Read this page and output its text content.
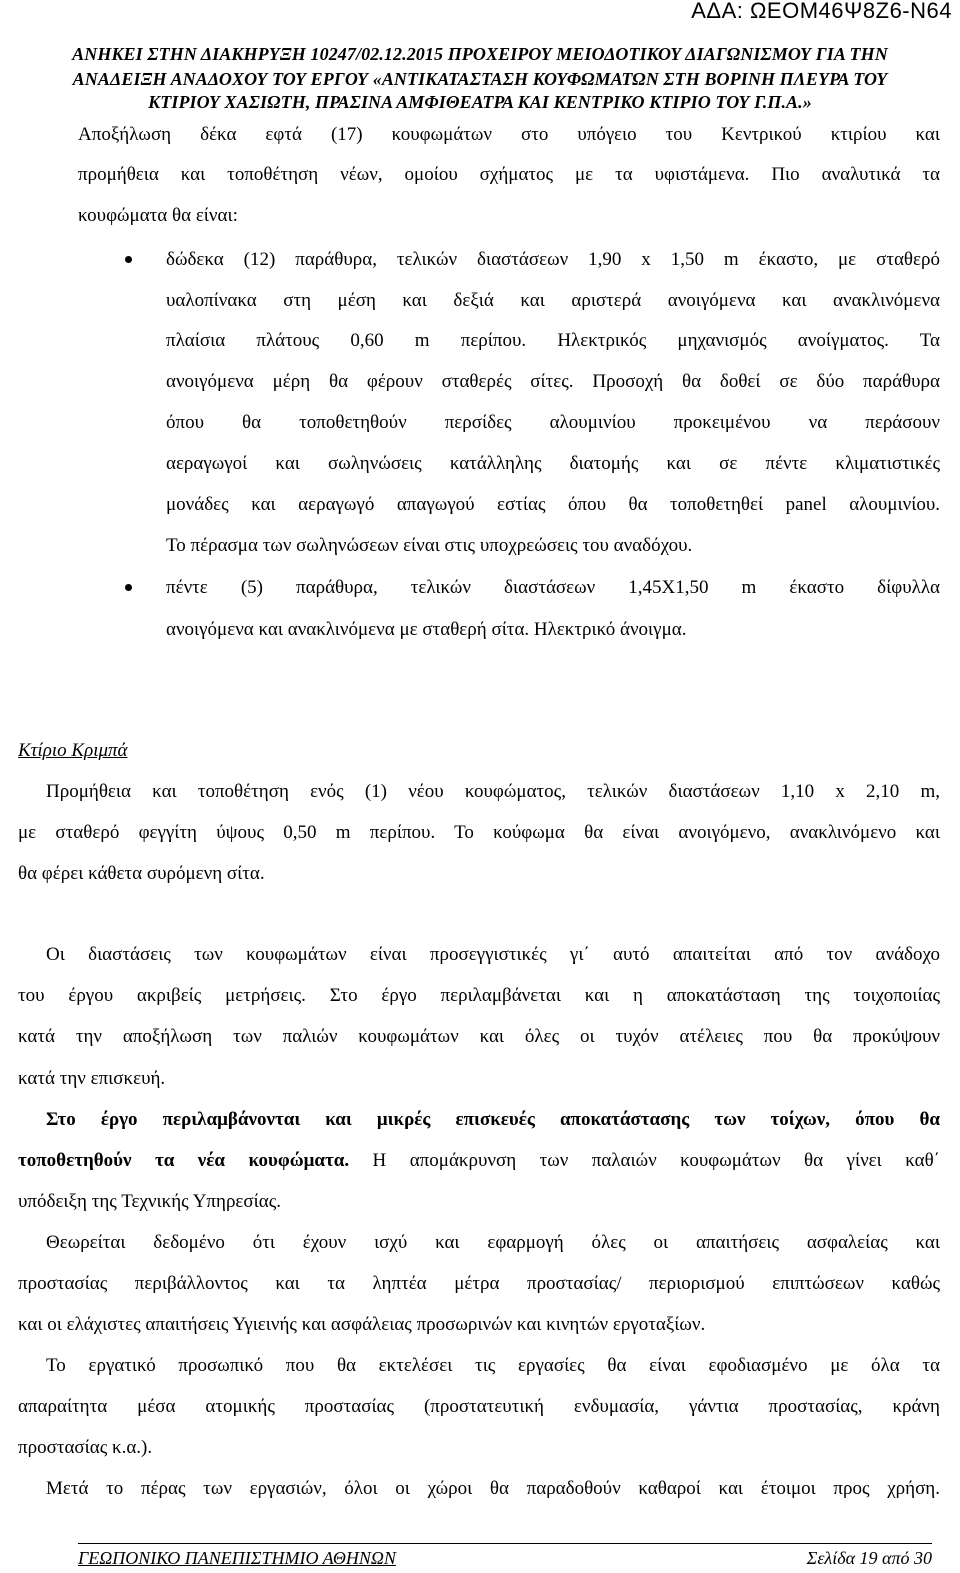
ΑΔΑ: ΩΕΟΜ46Ψ8Ζ6-Ν64
ΑΝΗΚΕΙ ΣΤΗΝ ΔΙΑΚΗΡΥΞΗ 10247/02.12.2015 ΠΡΟΧΕΙΡΟΥ ΜΕΙΟΔΟΤΙΚΟΥ ΔΙΑΓΩΝΙΣΜΟΥ ΓΙΑ ΤΗΝ
ΑΝΑΔΕΙΞΗ ΑΝΑΔΟΧΟΥ ΤΟΥ ΕΡΓΟΥ «ΑΝΤΙΚΑΤΑΣΤΑΣΗ ΚΟΥΦΩΜΑΤΩΝ ΣΤΗ ΒΟΡΙΝΗ ΠΛΕΥΡΑ ΤΟΥ
ΚΤΙΡΙΟΥ ΧΑΣΙΩΤΗ, ΠΡΑΣΙΝΑ ΑΜΦΙΘΕΑΤΡΑ ΚΑΙ ΚΕΝΤΡΙΚΟ ΚΤΙΡΙΟ ΤΟΥ Γ.Π.Α.»
Αποξήλωση δέκα εφτά (17) κουφωμάτων στο υπόγειο του Κεντρικού κτιρίου και
προμήθεια και τοποθέτηση νέων, ομοίου σχήματος με τα υφιστάμενα. Πιο αναλυτικά τα
κουφώματα θα είναι:
δώδεκα (12) παράθυρα, τελικών διαστάσεων 1,90 x 1,50 m έκαστο, με σταθερό
υαλοπίνακα στη μέση και δεξιά και αριστερά ανοιγόμενα και ανακλινόμενα
πλαίσια πλάτους 0,60 m περίπου. Ηλεκτρικός μηχανισμός ανοίγματος. Τα
ανοιγόμενα μέρη θα φέρουν σταθερές σίτες. Προσοχή θα δοθεί σε δύο παράθυρα
όπου θα τοποθετηθούν περσίδες αλουμινίου προκειμένου να περάσουν
αεραγωγοί και σωληνώσεις κατάλληλης διατομής και σε πέντε κλιματιστικές
μονάδες και αεραγωγό απαγωγού εστίας όπου θα τοποθετηθεί panel αλουμινίου.
Το πέρασμα των σωληνώσεων είναι στις υποχρεώσεις του αναδόχου.
πέντε (5) παράθυρα, τελικών διαστάσεων 1,45Χ1,50 m έκαστο δίφυλλα
ανοιγόμενα και ανακλινόμενα με σταθερή σίτα. Ηλεκτρικό άνοιγμα.
Κτίριο Κριμπά
Προμήθεια και τοποθέτηση ενός (1) νέου κουφώματος, τελικών διαστάσεων 1,10 x 2,10 m,
με σταθερό φεγγίτη ύψους 0,50 m περίπου. Το κούφωμα θα είναι ανοιγόμενο, ανακλινόμενο και
θα φέρει κάθετα συρόμενη σίτα.
Οι διαστάσεις των κουφωμάτων είναι προσεγγιστικές γι΄ αυτό απαιτείται από τον ανάδοχο
του έργου ακριβείς μετρήσεις. Στο έργο περιλαμβάνεται και η αποκατάσταση της τοιχοποιίας
κατά την αποξήλωση των παλιών κουφωμάτων και όλες οι τυχόν ατέλειες που θα προκύψουν
κατά την επισκευή.
Στο έργο περιλαμβάνονται και μικρές επισκευές αποκατάστασης των τοίχων, όπου θα
τοποθετηθούν τα νέα κουφώματα. Η απομάκρυνση των παλαιών κουφωμάτων θα γίνει καθ΄
υπόδειξη της Τεχνικής Υπηρεσίας.
Θεωρείται δεδομένο ότι έχουν ισχύ και εφαρμογή όλες οι απαιτήσεις ασφαλείας και
προστασίας περιβάλλοντος και τα ληπτέα μέτρα προστασίας/ περιορισμού επιπτώσεων καθώς
και οι ελάχιστες απαιτήσεις Υγιεινής και ασφάλειας προσωρινών και κινητών εργοταξίων.
Το εργατικό προσωπικό που θα εκτελέσει τις εργασίες θα είναι εφοδιασμένο με όλα τα
απαραίτητα μέσα ατομικής προστασίας (προστατευτική ενδυμασία, γάντια προστασίας, κράνη
προστασίας κ.α.).
Μετά το πέρας των εργασιών, όλοι οι χώροι θα παραδοθούν καθαροί και έτοιμοι προς χρήση.
ΓΕΩΠΟΝΙΚΟ ΠΑΝΕΠΙΣΤΗΜΙΟ ΑΘΗΝΩΝ	Σελίδα 19 από 30
